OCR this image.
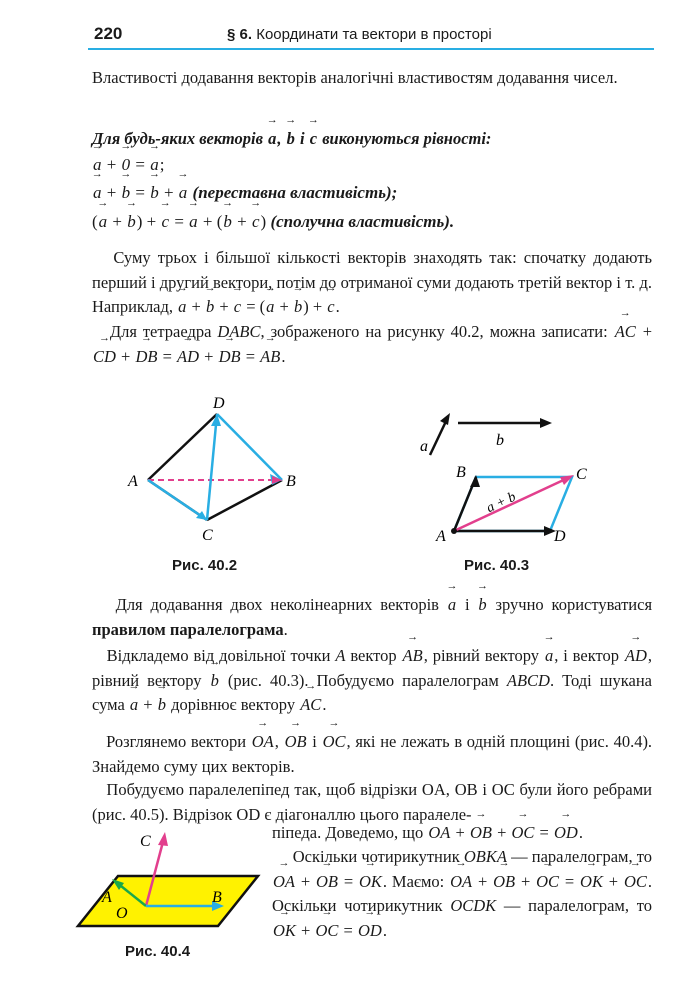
220	§ 6. Координати та вектори в просторі

Властивості додавання векторів аналогічні властивостям додавання чисел.

Для будь-яких векторів → a, → b і → c виконуються рівності:

→ a + → 0 = → a;

→ a + → b = → b + → a (переставна властивість);

(→ a + → b) + → c = → a + (→ b + → c) (сполучна властивість).

Суму трьох і більшої кількості векторів знаходять так: спочатку додають перший і другий вектори, потім до отриманої суми додають третій вектор і т. д. Наприклад, → a + → b + → c = (→ a + → b) + → c.

Для тетраедра DABC, зображеного на рисунку 40.2, можна записати: → AC + → CD + → DB = → AD + → DB = → AB.

D
A	B
C
Рис. 40.2
a	b
B	C
a + b
A	D
Рис. 40.3

Для додавання двох неколінеарних векторів → a і → b зручно користуватися правилом паралелограма.

Відкладемо від довільної точки A вектор → AB, рівний вектору → a, і вектор → AD, рівний вектору → b (рис. 40.3). Побудуємо паралелограм ABCD. Тоді шукана сума → a + → b дорівнює вектору → AC.

Розглянемо вектори → OA, → OB і → OC, які не лежать в одній площині (рис. 40.4). Знайдемо суму цих векторів.

Побудуємо паралелепіпед так, щоб відрізки OA, OB і OC були його ребрами (рис. 40.5). Відрізок OD є діагоналлю цього паралеле-

піпеда. Доведемо, що → OA + → OB + → OC = → OD.

Оскільки чотирикутник OBKA — паралелограм, то → OA + → OB = → OK. Маємо: → OA + → OB + → OC = → OK + → OC. Оскільки чотирикутник OCDK — паралелограм, то → OK + → OC = → OD.

C
A
O
B
Рис. 40.4
